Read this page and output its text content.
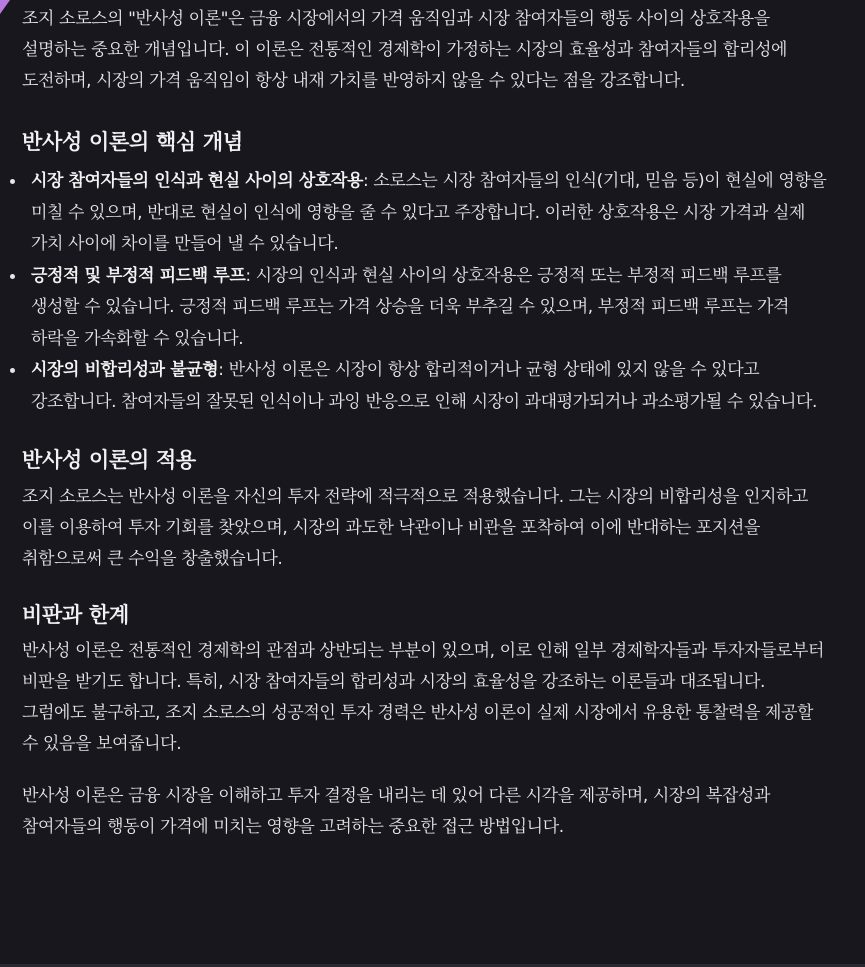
조지 소로스의 "반사성 이론"은 금융 시장에서의 가격 움직임과 시장 참여자들의 행동 사이의 상호작용을 설명하는 중요한 개념입니다. 이 이론은 전통적인 경제학이 가정하는 시장의 효율성과 참여자들의 합리성에 도전하며, 시장의 가격 움직임이 항상 내재 가치를 반영하지 않을 수 있다는 점을 강조합니다.

반사성 이론의 핵심 개념
시장 참여자들의 인식과 현실 사이의 상호작용: 소로스는 시장 참여자들의 인식(기대, 믿음 등)이 현실에 영향을 미칠 수 있으며, 반대로 현실이 인식에 영향을 줄 수 있다고 주장합니다. 이러한 상호작용은 시장 가격과 실제 가치 사이에 차이를 만들어 낼 수 있습니다.
긍정적 및 부정적 피드백 루프: 시장의 인식과 현실 사이의 상호작용은 긍정적 또는 부정적 피드백 루프를 생성할 수 있습니다. 긍정적 피드백 루프는 가격 상승을 더욱 부추길 수 있으며, 부정적 피드백 루프는 가격 하락을 가속화할 수 있습니다.
시장의 비합리성과 불균형: 반사성 이론은 시장이 항상 합리적이거나 균형 상태에 있지 않을 수 있다고 강조합니다. 참여자들의 잘못된 인식이나 과잉 반응으로 인해 시장이 과대평가되거나 과소평가될 수 있습니다.
반사성 이론의 적용

조지 소로스는 반사성 이론을 자신의 투자 전략에 적극적으로 적용했습니다. 그는 시장의 비합리성을 인지하고 이를 이용하여 투자 기회를 찾았으며, 시장의 과도한 낙관이나 비관을 포착하여 이에 반대하는 포지션을 취함으로써 큰 수익을 창출했습니다.

비판과 한계

반사성 이론은 전통적인 경제학의 관점과 상반되는 부분이 있으며, 이로 인해 일부 경제학자들과 투자자들로부터 비판을 받기도 합니다. 특히, 시장 참여자들의 합리성과 시장의 효율성을 강조하는 이론들과 대조됩니다. 그럼에도 불구하고, 조지 소로스의 성공적인 투자 경력은 반사성 이론이 실제 시장에서 유용한 통찰력을 제공할 수 있음을 보여줍니다.

반사성 이론은 금융 시장을 이해하고 투자 결정을 내리는 데 있어 다른 시각을 제공하며, 시장의 복잡성과 참여자들의 행동이 가격에 미치는 영향을 고려하는 중요한 접근 방법입니다.
